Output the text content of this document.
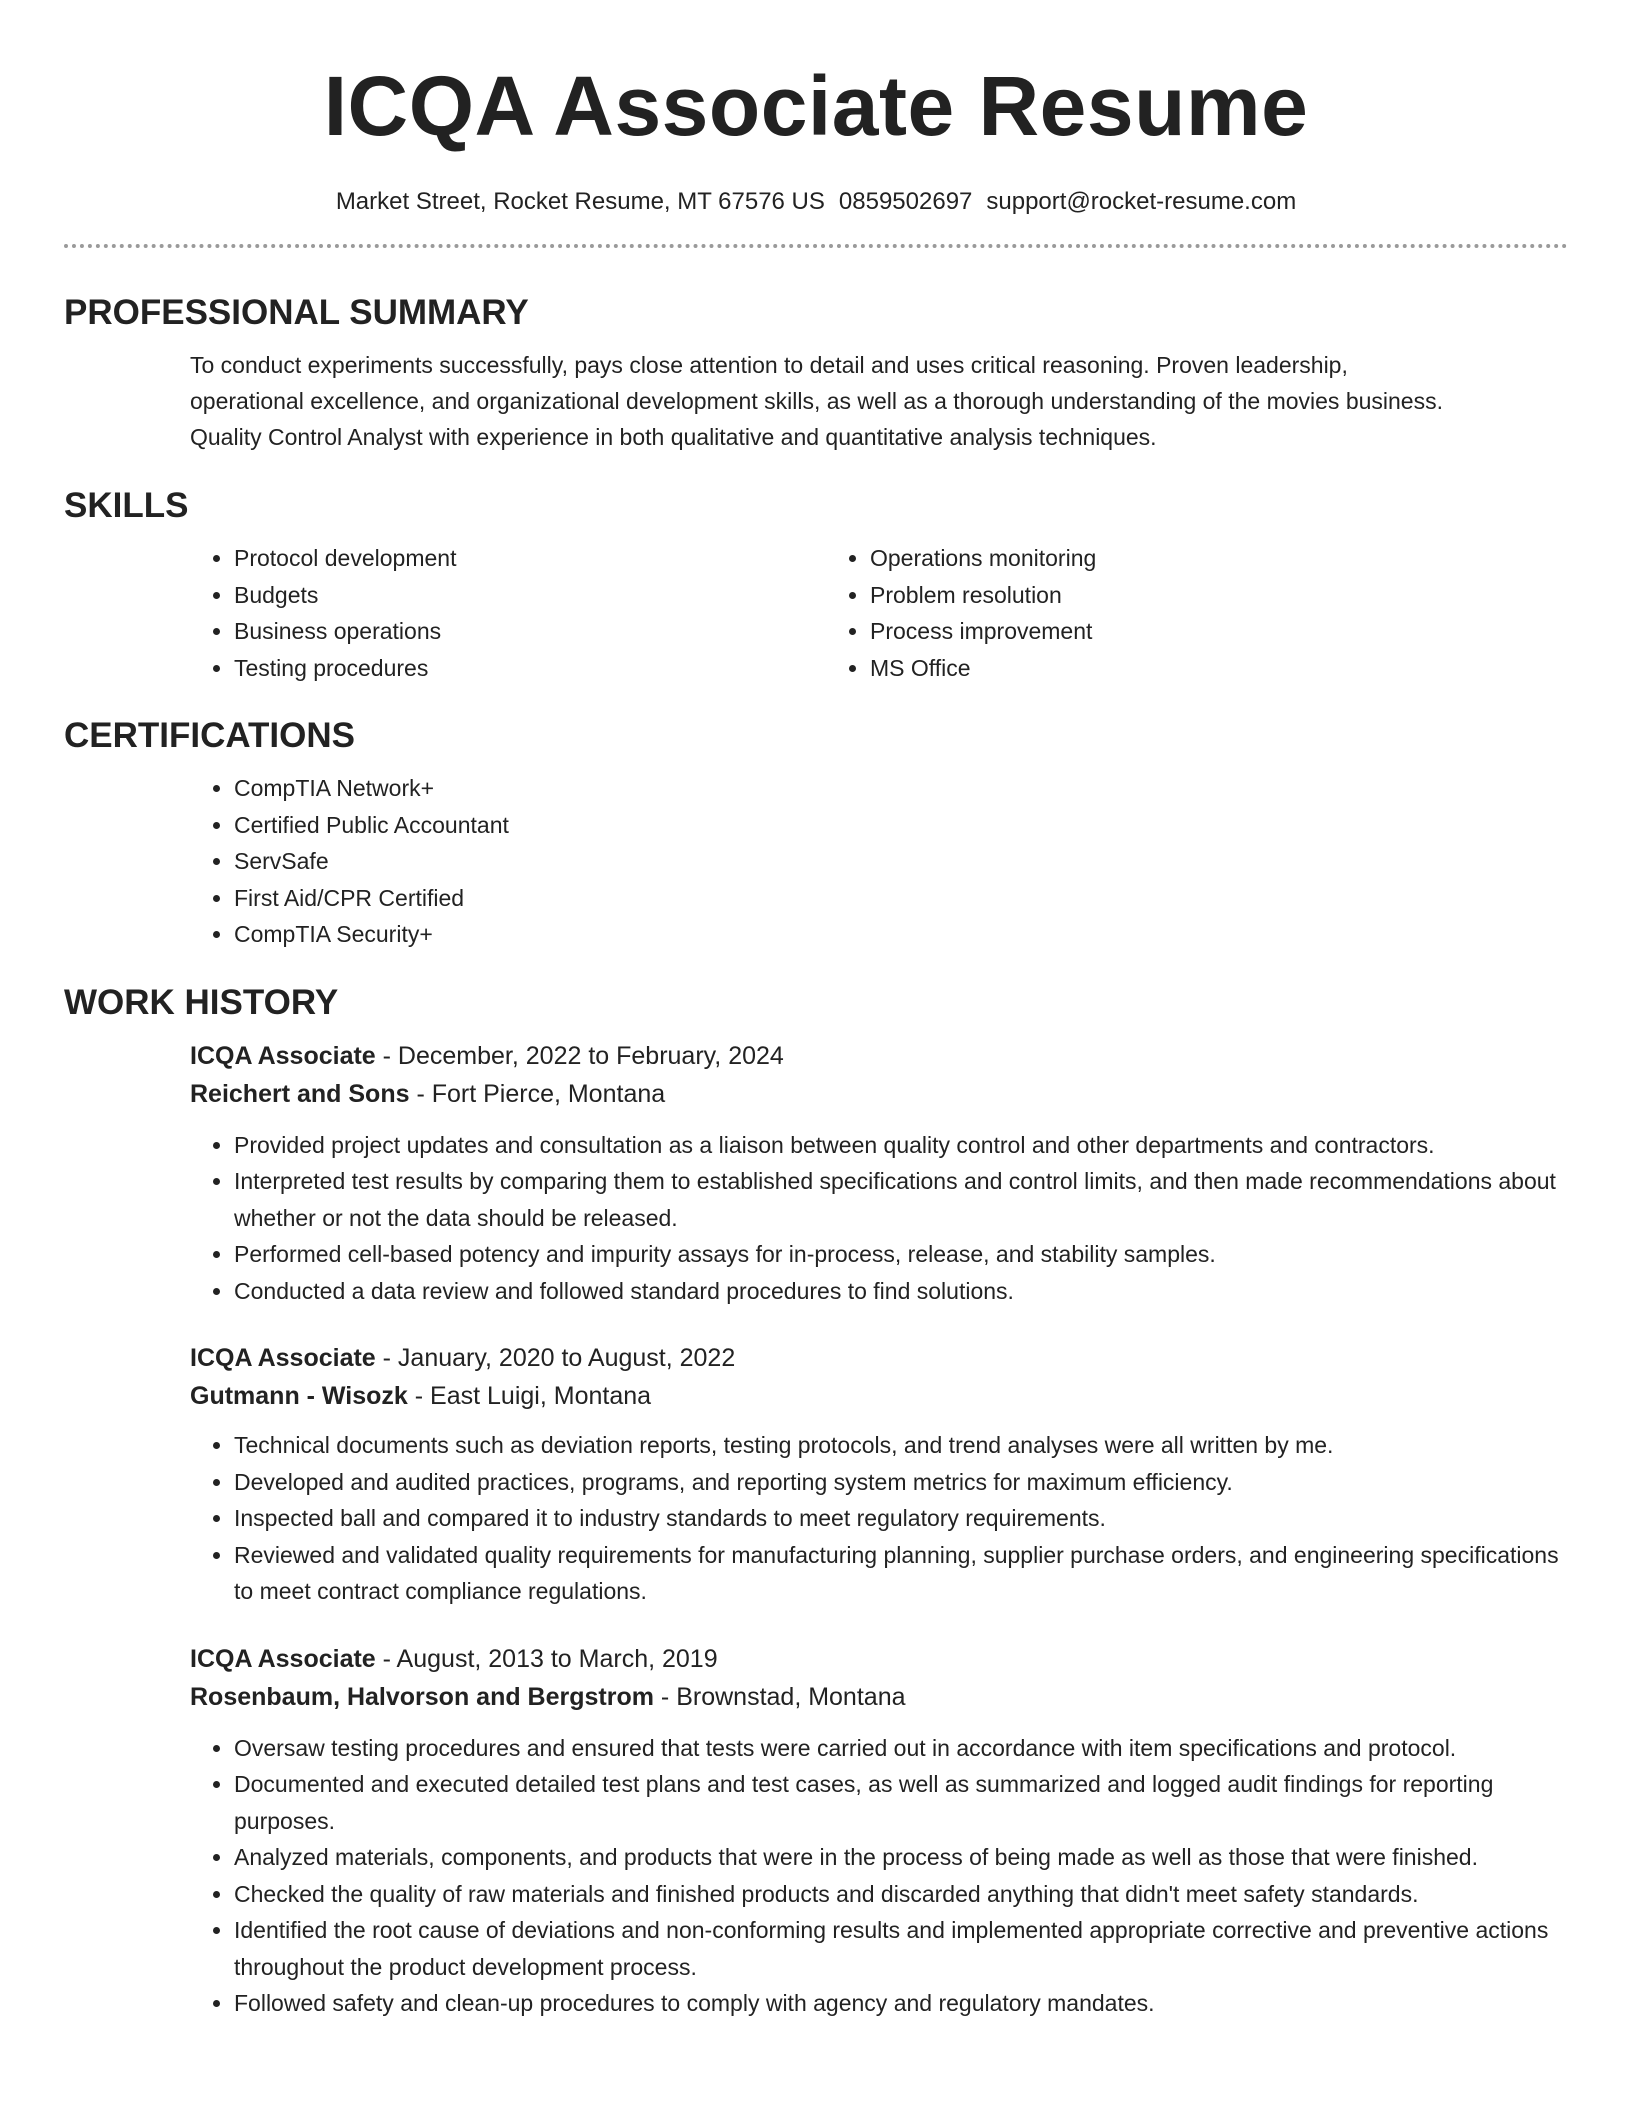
ICQA Associate Resume
Market Street, Rocket Resume, MT 67576 US 0859502697 support@rocket-resume.com
PROFESSIONAL SUMMARY
To conduct experiments successfully, pays close attention to detail and uses critical reasoning. Proven leadership,
operational excellence, and organizational development skills, as well as a thorough understanding of the movies business.
Quality Control Analyst with experience in both qualitative and quantitative analysis techniques.
SKILLS
• Protocol development
• Budgets
• Business operations
• Testing procedures
• Operations monitoring
• Problem resolution
• Process improvement
• MS Office
CERTIFICATIONS
• CompTIA Network+
• Certified Public Accountant
• ServSafe
• First Aid/CPR Certified
• CompTIA Security+
WORK HISTORY
ICQA Associate - December, 2022 to February, 2024
Reichert and Sons - Fort Pierce, Montana
• Provided project updates and consultation as a liaison between quality control and other departments and contractors.
• Interpreted test results by comparing them to established specifications and control limits, and then made recommendations about whether or not the data should be released.
• Performed cell-based potency and impurity assays for in-process, release, and stability samples.
• Conducted a data review and followed standard procedures to find solutions.
ICQA Associate - January, 2020 to August, 2022
Gutmann - Wisozk - East Luigi, Montana
• Technical documents such as deviation reports, testing protocols, and trend analyses were all written by me.
• Developed and audited practices, programs, and reporting system metrics for maximum efficiency.
• Inspected ball and compared it to industry standards to meet regulatory requirements.
• Reviewed and validated quality requirements for manufacturing planning, supplier purchase orders, and engineering specifications to meet contract compliance regulations.
ICQA Associate - August, 2013 to March, 2019
Rosenbaum, Halvorson and Bergstrom - Brownstad, Montana
• Oversaw testing procedures and ensured that tests were carried out in accordance with item specifications and protocol.
• Documented and executed detailed test plans and test cases, as well as summarized and logged audit findings for reporting purposes.
• Analyzed materials, components, and products that were in the process of being made as well as those that were finished.
• Checked the quality of raw materials and finished products and discarded anything that didn't meet safety standards.
• Identified the root cause of deviations and non-conforming results and implemented appropriate corrective and preventive actions throughout the product development process.
• Followed safety and clean-up procedures to comply with agency and regulatory mandates.
